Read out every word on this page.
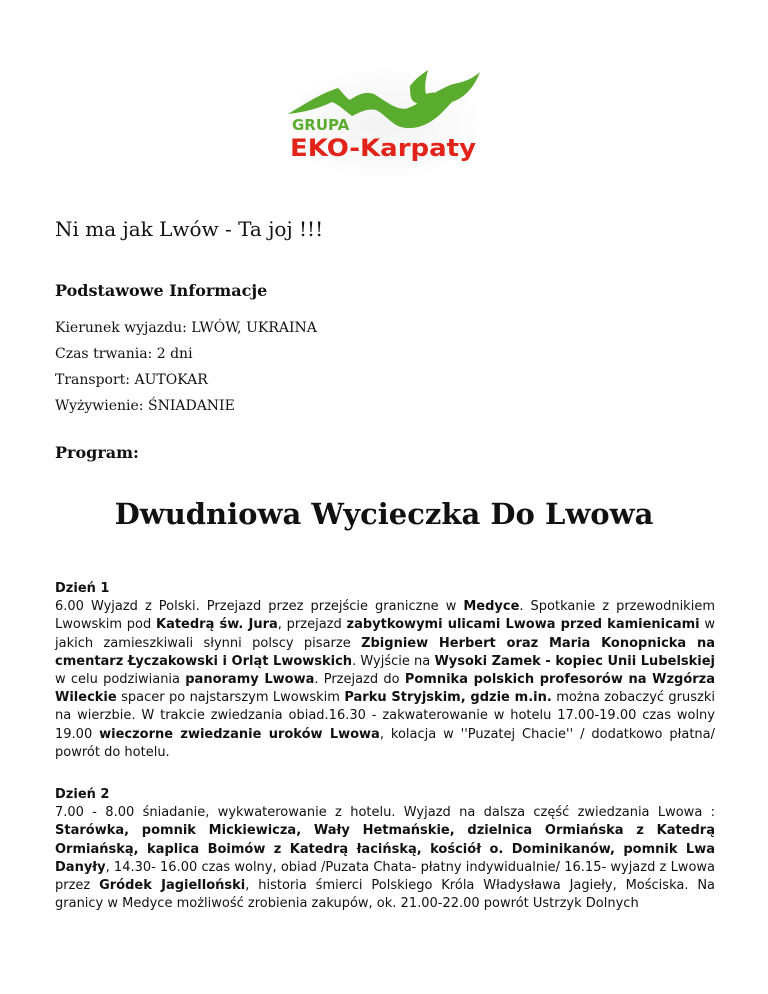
GRUPA
EKO-Karpaty
Ni ma jak Lwów - Ta joj !!!
Podstawowe Informacje

Kierunek wyjazdu: LWÓW, UKRAINA

Czas trwania: 2 dni

Transport: AUTOKAR

Wyżywienie: ŚNIADANIE

Program:
Dwudniowa Wycieczka Do Lwowa
Dzień 1
6.00 Wyjazd z Polski. Przejazd przez przejście graniczne w Medyce. Spotkanie z przewodnikiem Lwowskim pod Katedrą św. Jura, przejazd zabytkowymi ulicami Lwowa przed kamienicami w jakich zamieszkiwali słynni polscy pisarze Zbigniew Herbert oraz Maria Konopnicka na cmentarz Łyczakowski i Orląt Lwowskich. Wyjście na Wysoki Zamek - kopiec Unii Lubelskiej w celu podziwiania panoramy Lwowa. Przejazd do Pomnika polskich profesorów na Wzgórza Wileckie spacer po najstarszym Lwowskim Parku Stryjskim, gdzie m.in. można zobaczyć gruszki na wierzbie. W trakcie zwiedzania obiad.16.30 - zakwaterowanie w hotelu 17.00-19.00 czas wolny 19.00 wieczorne zwiedzanie uroków Lwowa, kolacja w ''Puzatej Chacie'' / dodatkowo płatna/ powrót do hotelu.
Dzień 2
7.00 - 8.00 śniadanie, wykwaterowanie z hotelu. Wyjazd na dalsza część zwiedzania Lwowa : Starówka, pomnik Mickiewicza, Wały Hetmańskie, dzielnica Ormiańska z Katedrą Ormiańską, kaplica Boimów z Katedrą łacińską, kościół o. Dominikanów, pomnik Lwa Danyły, 14.30- 16.00 czas wolny, obiad /Puzata Chata- płatny indywidualnie/ 16.15- wyjazd z Lwowa przez Gródek Jagielloński, historia śmierci Polskiego Króla Władysława Jagieły, Mościska. Na granicy w Medyce możliwość zrobienia zakupów, ok. 21.00-22.00 powrót Ustrzyk Dolnych
